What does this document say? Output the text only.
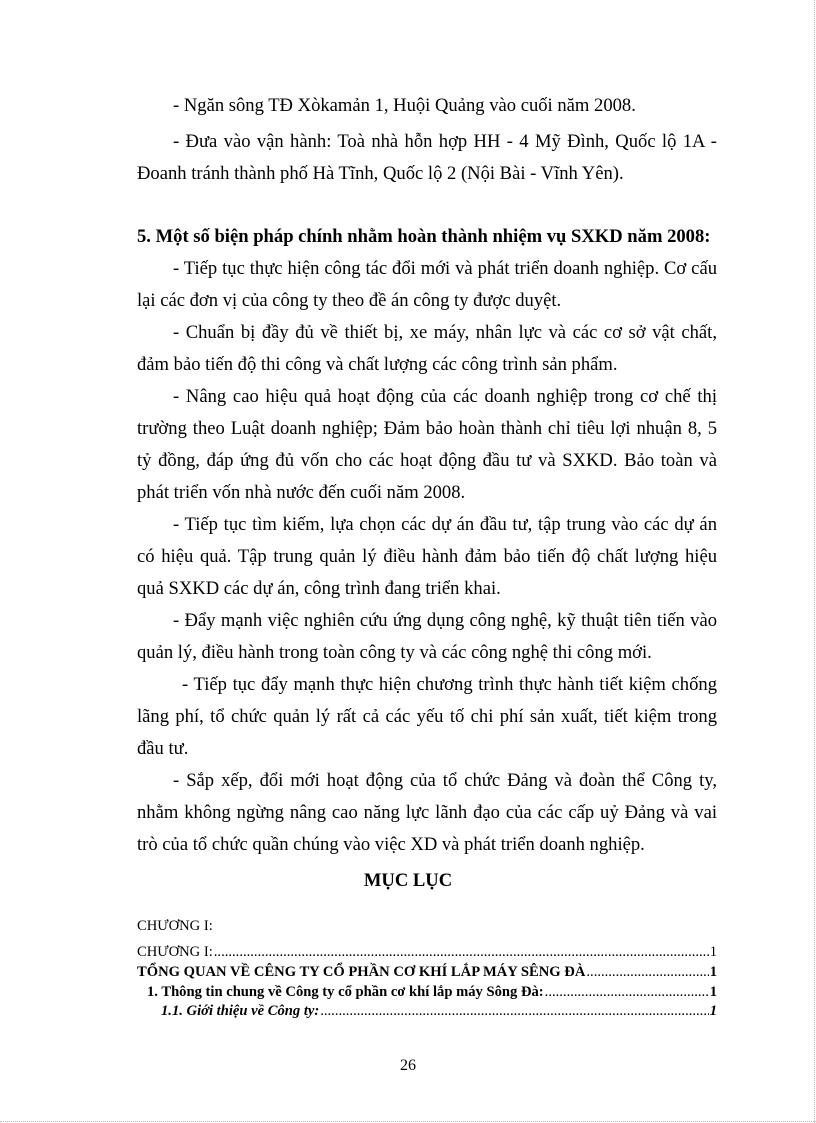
- Ngăn sông TĐ Xòkamản 1, Huội Quảng vào cuối năm 2008.

- Đưa vào vận hành: Toà nhà hỗn hợp HH - 4 Mỹ Đình, Quốc lộ 1A - Đoanh tránh thành phố Hà Tĩnh, Quốc lộ 2 (Nội Bài - Vĩnh Yên).

5. Một số biện pháp chính nhằm hoàn thành nhiệm vụ SXKD năm 2008:

- Tiếp tục thực hiện công tác đổi mới và phát triển doanh nghiệp. Cơ cấu lại các đơn vị của công ty theo đề án công ty được duyệt.

- Chuẩn bị đầy đủ về thiết bị, xe máy, nhân lực và các cơ sở vật chất, đảm bảo tiến độ thi công và chất lượng các công trình sản phẩm.

- Nâng cao hiệu quả hoạt động của các doanh nghiệp trong cơ chế thị trường theo Luật doanh nghiệp; Đảm bảo hoàn thành chỉ tiêu lợi nhuận 8, 5 tỷ đồng, đáp ứng đủ vốn cho các hoạt động đầu tư và SXKD. Bảo toàn và phát triển vốn nhà nước đến cuối năm 2008.

- Tiếp tục tìm kiếm, lựa chọn các dự án đầu tư, tập trung vào các dự án có hiệu quả. Tập trung quản lý điều hành đảm bảo tiến độ chất lượng hiệu quả SXKD các dự án, công trình đang triển khai.

- Đẩy mạnh việc nghiên cứu ứng dụng công nghệ, kỹ thuật tiên tiến vào quản lý, điều hành trong toàn công ty và các công nghệ thi công mới.

- Tiếp tục đẩy mạnh thực hiện chương trình thực hành tiết kiệm chống lãng phí, tổ chức quản lý rất cả các yếu tố chi phí sản xuất, tiết kiệm trong đầu tư.

- Sắp xếp, đổi mới hoạt động của tổ chức Đảng và đoàn thể Công ty, nhằm không ngừng nâng cao năng lực lãnh đạo của các cấp uỷ Đảng và vai trò của tổ chức quần chúng vào việc XD và phát triển doanh nghiệp.

MỤC LỤC

CHƯƠNG I:

CHƯƠNG I: .....	1
TỔNG QUAN VỀ CÊNG TY CỔ PHẦN CƠ KHÍ LẮP MÁY SÊNG ĐÀ .....	1
1. Thông tin chung về Công ty cổ phần cơ khí lắp máy Sông Đà: .....	1
1.1. Giới thiệu về Công ty: .....	1
26
